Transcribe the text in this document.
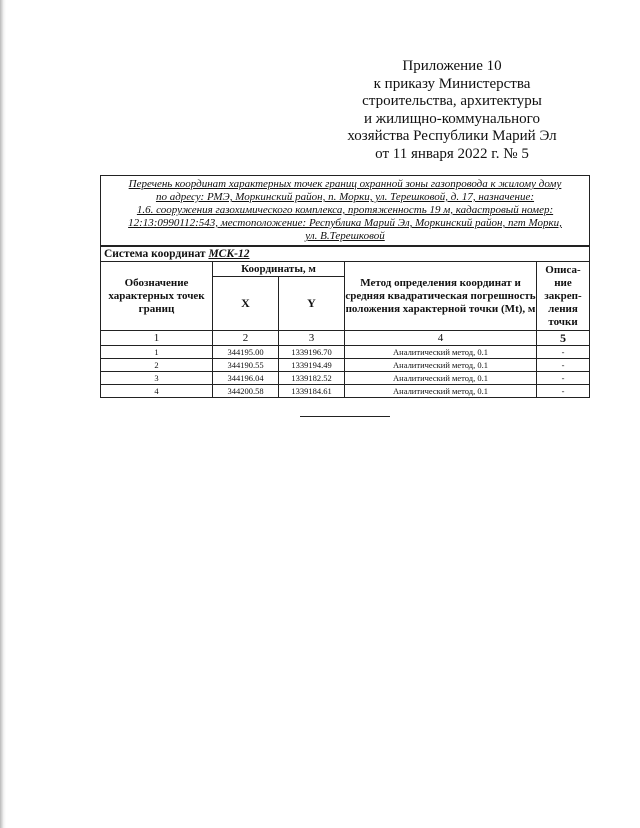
Приложение 10
к приказу Министерства
строительства, архитектуры
и жилищно-коммунального
хозяйства Республики Марий Эл
от 11 января 2022 г. № 5
Перечень координат характерных точек границ охранной зоны газопровода к жилому дому
по адресу: РМЭ, Моркинский район, п. Морки, ул. Терешковой, д. 17, назначение:
1.6. сооружения газохимического комплекса, протяженность 19 м, кадастровый номер:
12:13:0990112:543, местоположение: Республика Марий Эл, Моркинский район, пгт Морки,
ул. В.Терешковой				

Система координат МСК-12				
Обозначение характерных точек границ	Координаты, м		Метод определения координат и средняя квадратическая погрешность положения характерной точки (Mt), м	Описа-ние закреп-ления точки
	X	Y		
1	2	3	4	5
1	344195.00	1339196.70	Аналитический метод, 0.1	-
2	344190.55	1339194.49	Аналитический метод, 0.1	-
3	344196.04	1339182.52	Аналитический метод, 0.1	-
4	344200.58	1339184.61	Аналитический метод, 0.1	-
